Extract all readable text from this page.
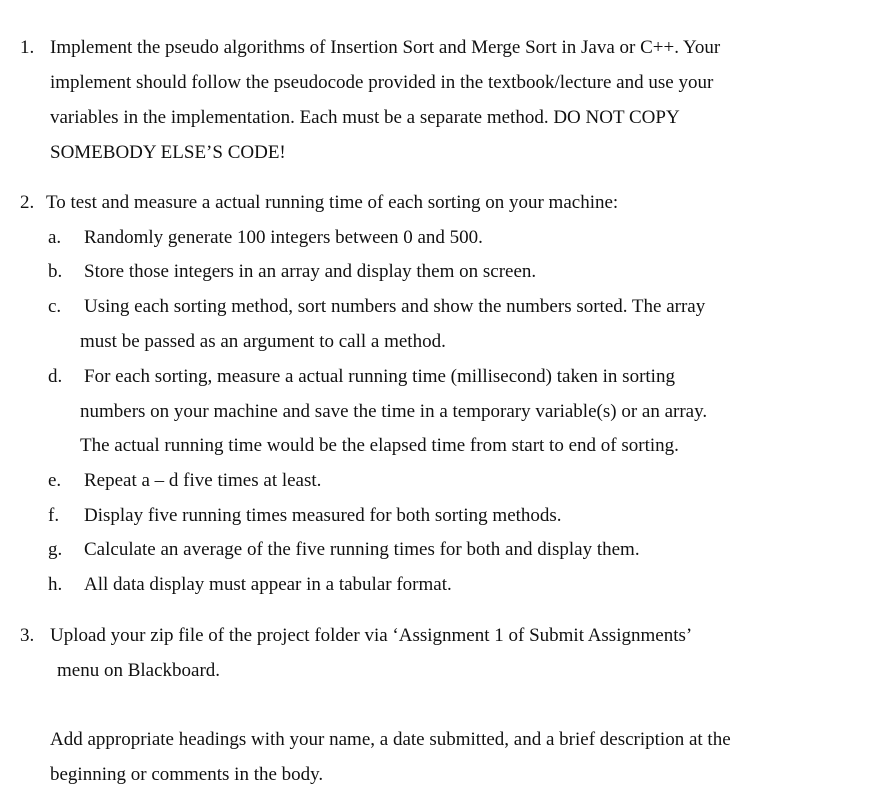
1. Implement the pseudo algorithms of Insertion Sort and Merge Sort in Java or C++. Your
implement should follow the pseudocode provided in the textbook/lecture and use your
variables in the implementation. Each must be a separate method. DO NOT COPY
SOMEBODY ELSE’S CODE!
2. To test and measure a actual running time of each sorting on your machine:
a. Randomly generate 100 integers between 0 and 500.
b. Store those integers in an array and display them on screen.
c. Using each sorting method, sort numbers and show the numbers sorted. The array
must be passed as an argument to call a method.
d. For each sorting, measure a actual running time (millisecond) taken in sorting
numbers on your machine and save the time in a temporary variable(s) or an array.
The actual running time would be the elapsed time from start to end of sorting.
e. Repeat a – d five times at least.
f. Display five running times measured for both sorting methods.
g. Calculate an average of the five running times for both and display them.
h. All data display must appear in a tabular format.
3. Upload your zip file of the project folder via ‘Assignment 1 of Submit Assignments’
menu on Blackboard.
Add appropriate headings with your name, a date submitted, and a brief description at the
beginning or comments in the body.
